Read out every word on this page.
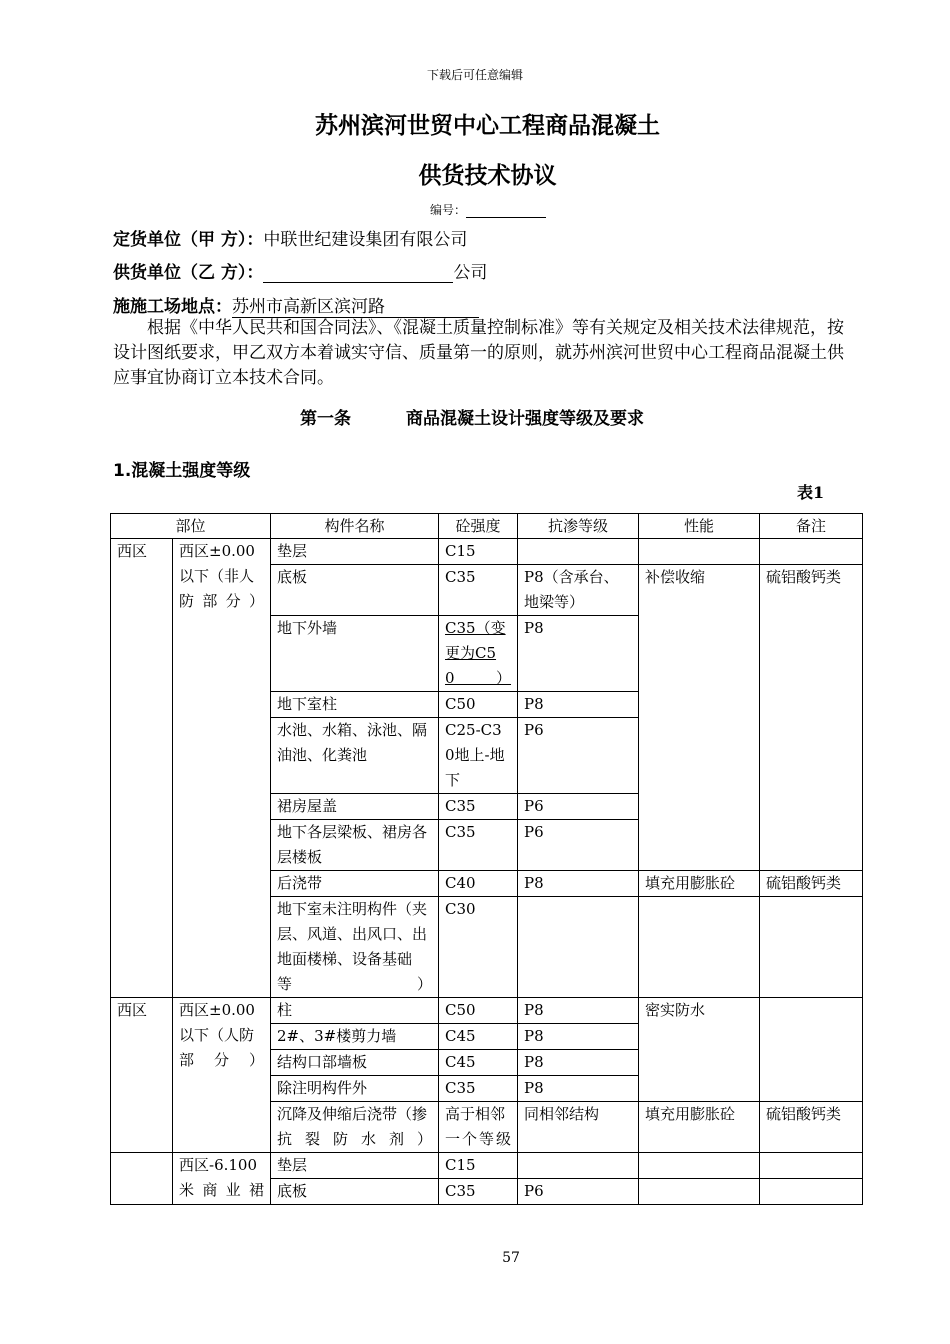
下载后可任意编辑
苏州滨河世贸中心工程商品混凝土
供货技术协议
编号：
定货单位（甲 方）：中联世纪建设集团有限公司
供货单位（乙 方）：	公司
施施工场地点：苏州市高新区滨河路
根据《中华人民共和国合同法》、《混凝土质量控制标准》等有关规定及相关技术法律规范，按设计图纸要求，甲乙双方本着诚实守信、质量第一的原则，就苏州滨河世贸中心工程商品混凝土供应事宜协商订立本技术合同。
第一条	商品混凝土设计强度等级及要求
1.混凝土强度等级
表1
部位		构件名称	砼强度	抗渗等级	性能	备注
西区	西区±0.00以下（非人防部分）	垫层	C15			
		底板	C35	P8（含承台、地梁等）	补偿收缩	硫铝酸钙类
		地下外墙	C35（变更为C50）	P8		
		地下室柱	C50	P8		
		水池、水箱、泳池、隔油池、化粪池	C25-C30地上-地下	P6		
		裙房屋盖	C35	P6		
		地下各层梁板、裙房各层楼板	C35	P6		
		后浇带	C40	P8	填充用膨胀砼	硫铝酸钙类
		地下室未注明构件（夹层、风道、出风口、出地面楼梯、设备基础等）	C30			
西区	西区±0.00以下（人防部分）	柱	C50	P8	密实防水	
		2#、3#楼剪力墙	C45	P8		
		结构口部墙板	C45	P8		
		除注明构件外	C35	P8		
		沉降及伸缩后浇带（掺抗裂防水剂）	高于相邻一个等级	同相邻结构	填充用膨胀砼	硫铝酸钙类

	西区-6.100米商业裙	垫层	C15			
		底板	C35	P6		
57
